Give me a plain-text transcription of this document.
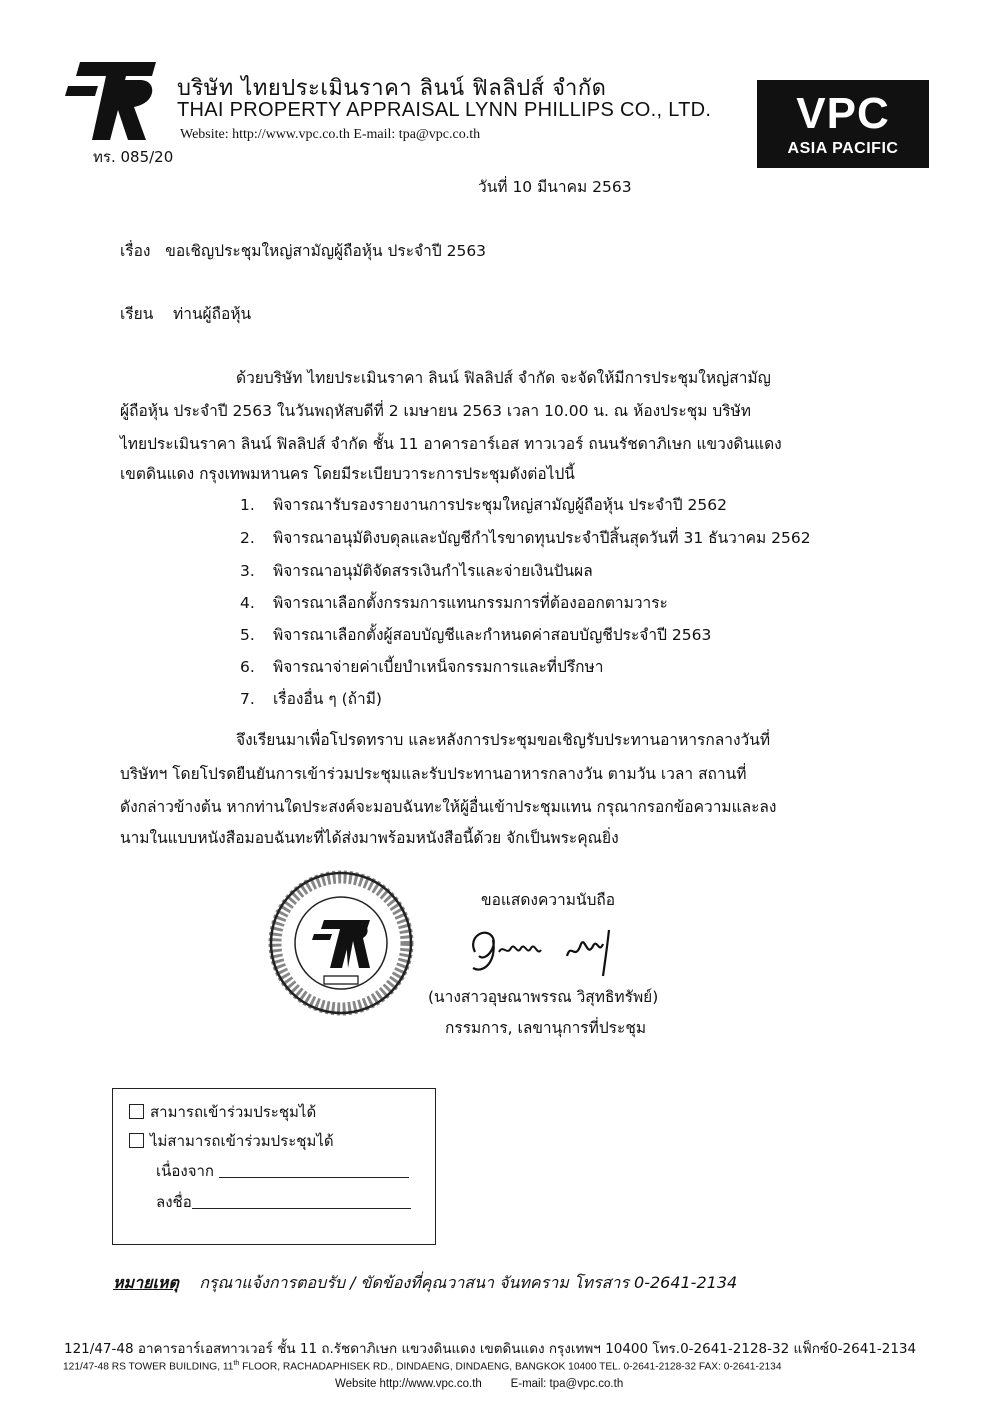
บริษัท ไทยประเมินราคา ลินน์ ฟิลลิปส์ จำกัด
THAI PROPERTY APPRAISAL LYNN PHILLIPS CO., LTD.
Website: http://www.vpc.co.th E-mail: tpa@vpc.co.th
ทร. 085/20
VPC
ASIA PACIFIC
วันที่ 10 มีนาคม 2563
เรื่อง ขอเชิญประชุมใหญ่สามัญผู้ถือหุ้น ประจำปี 2563
เรียน ท่านผู้ถือหุ้น
ด้วยบริษัท ไทยประเมินราคา ลินน์ ฟิลลิปส์ จำกัด จะจัดให้มีการประชุมใหญ่สามัญ
ผู้ถือหุ้น ประจำปี 2563 ในวันพฤหัสบดีที่ 2 เมษายน 2563 เวลา 10.00 น. ณ ห้องประชุม บริษัท
ไทยประเมินราคา ลินน์ ฟิลลิปส์ จำกัด ชั้น 11 อาคารอาร์เอส ทาวเวอร์ ถนนรัชดาภิเษก แขวงดินแดง
เขตดินแดง กรุงเทพมหานคร โดยมีระเบียบวาระการประชุมดังต่อไปนี้
1. พิจารณารับรองรายงานการประชุมใหญ่สามัญผู้ถือหุ้น ประจำปี 2562
2. พิจารณาอนุมัติงบดุลและบัญชีกำไรขาดทุนประจำปีสิ้นสุดวันที่ 31 ธันวาคม 2562
3. พิจารณาอนุมัติจัดสรรเงินกำไรและจ่ายเงินปันผล
4. พิจารณาเลือกตั้งกรรมการแทนกรรมการที่ต้องออกตามวาระ
5. พิจารณาเลือกตั้งผู้สอบบัญชีและกำหนดค่าสอบบัญชีประจำปี 2563
6. พิจารณาจ่ายค่าเบี้ยบำเหน็จกรรมการและที่ปรึกษา
7. เรื่องอื่น ๆ (ถ้ามี)
จึงเรียนมาเพื่อโปรดทราบ และหลังการประชุมขอเชิญรับประทานอาหารกลางวันที่
บริษัทฯ โดยโปรดยืนยันการเข้าร่วมประชุมและรับประทานอาหารกลางวัน ตามวัน เวลา สถานที่
ดังกล่าวข้างต้น หากท่านใดประสงค์จะมอบฉันทะให้ผู้อื่นเข้าประชุมแทน กรุณากรอกข้อความและลง
นามในแบบหนังสือมอบฉันทะที่ได้ส่งมาพร้อมหนังสือนี้ด้วย จักเป็นพระคุณยิ่ง
ขอแสดงความนับถือ
(นางสาวอุษณาพรรณ วิสุทธิทรัพย์)
กรรมการ, เลขานุการที่ประชุม
สามารถเข้าร่วมประชุมได้
ไม่สามารถเข้าร่วมประชุมได้
เนื่องจาก
ลงชื่อ
หมายเหตุ กรุณาแจ้งการตอบรับ / ขัดข้องที่คุณวาสนา จันทคราม โทรสาร 0-2641-2134
121/47-48 อาคารอาร์เอสทาวเวอร์ ชั้น 11 ถ.รัชดาภิเษก แขวงดินแดง เขตดินแดง กรุงเทพฯ 10400 โทร.0-2641-2128-32 แฟ็กซ์0-2641-2134
121/47-48 RS TOWER BUILDING, 11th FLOOR, RACHADAPHISEK RD., DINDAENG, DINDAENG, BANGKOK 10400 TEL. 0-2641-2128-32 FAX: 0-2641-2134
Website http://www.vpc.co.th	E-mail: tpa@vpc.co.th
